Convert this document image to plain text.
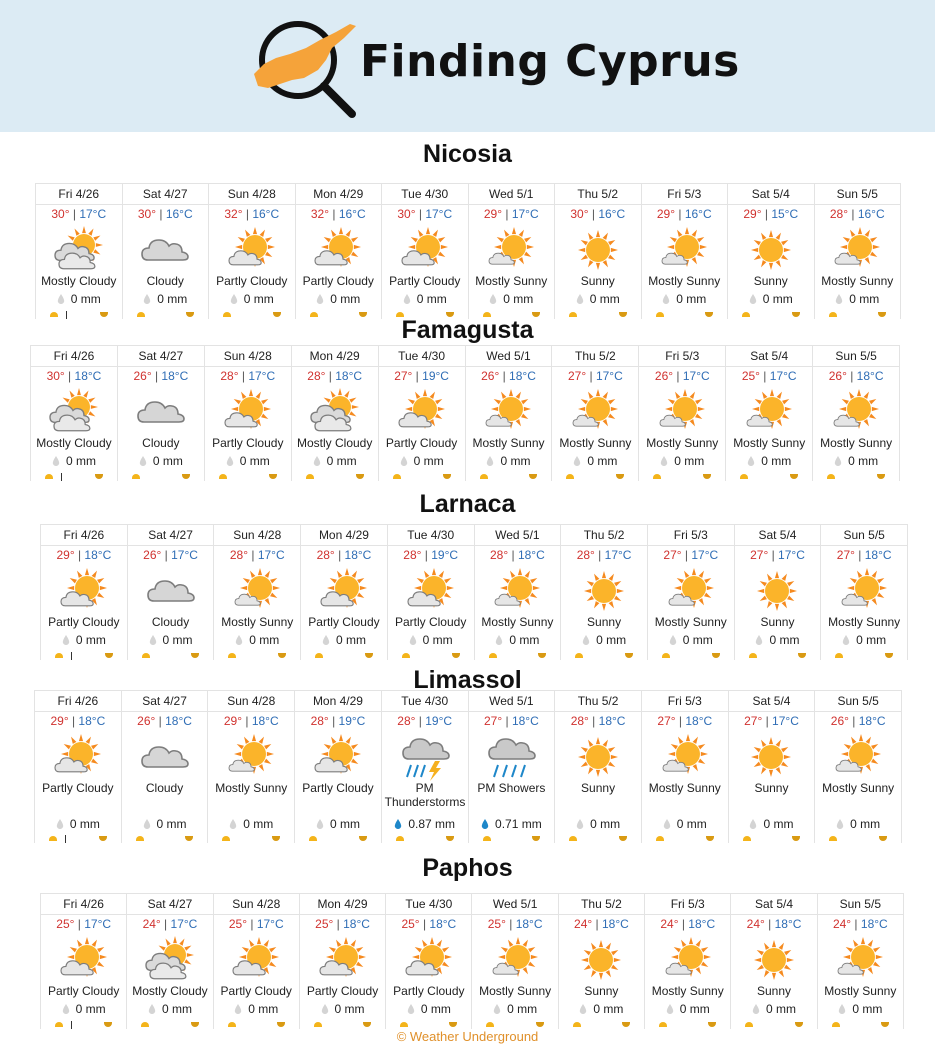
Finding Cyprus
Nicosia
Fri 4/26
30° | 17°C
Mostly Cloudy
0 mm
Sat 4/27
30° | 16°C
Cloudy
0 mm
Sun 4/28
32° | 16°C
Partly Cloudy
0 mm
Mon 4/29
32° | 16°C
Partly Cloudy
0 mm
Tue 4/30
30° | 17°C
Partly Cloudy
0 mm
Wed 5/1
29° | 17°C
Mostly Sunny
0 mm
Thu 5/2
30° | 16°C
Sunny
0 mm
Fri 5/3
29° | 16°C
Mostly Sunny
0 mm
Sat 5/4
29° | 15°C
Sunny
0 mm
Sun 5/5
28° | 16°C
Mostly Sunny
0 mm
Famagusta
Fri 4/26
30° | 18°C
Mostly Cloudy
0 mm
Sat 4/27
26° | 18°C
Cloudy
0 mm
Sun 4/28
28° | 17°C
Partly Cloudy
0 mm
Mon 4/29
28° | 18°C
Mostly Cloudy
0 mm
Tue 4/30
27° | 19°C
Partly Cloudy
0 mm
Wed 5/1
26° | 18°C
Mostly Sunny
0 mm
Thu 5/2
27° | 17°C
Mostly Sunny
0 mm
Fri 5/3
26° | 17°C
Mostly Sunny
0 mm
Sat 5/4
25° | 17°C
Mostly Sunny
0 mm
Sun 5/5
26° | 18°C
Mostly Sunny
0 mm
Larnaca
Fri 4/26
29° | 18°C
Partly Cloudy
0 mm
Sat 4/27
26° | 17°C
Cloudy
0 mm
Sun 4/28
28° | 17°C
Mostly Sunny
0 mm
Mon 4/29
28° | 18°C
Partly Cloudy
0 mm
Tue 4/30
28° | 19°C
Partly Cloudy
0 mm
Wed 5/1
28° | 18°C
Mostly Sunny
0 mm
Thu 5/2
28° | 17°C
Sunny
0 mm
Fri 5/3
27° | 17°C
Mostly Sunny
0 mm
Sat 5/4
27° | 17°C
Sunny
0 mm
Sun 5/5
27° | 18°C
Mostly Sunny
0 mm
Limassol
Fri 4/26
29° | 18°C
Partly Cloudy
0 mm
Sat 4/27
26° | 18°C
Cloudy
0 mm
Sun 4/28
29° | 18°C
Mostly Sunny
0 mm
Mon 4/29
28° | 19°C
Partly Cloudy
0 mm
Tue 4/30
28° | 19°C
PM Thunderstorms
0.87 mm
Wed 5/1
27° | 18°C
PM Showers
0.71 mm
Thu 5/2
28° | 18°C
Sunny
0 mm
Fri 5/3
27° | 18°C
Mostly Sunny
0 mm
Sat 5/4
27° | 17°C
Sunny
0 mm
Sun 5/5
26° | 18°C
Mostly Sunny
0 mm
Paphos
Fri 4/26
25° | 17°C
Partly Cloudy
0 mm
Sat 4/27
24° | 17°C
Mostly Cloudy
0 mm
Sun 4/28
25° | 17°C
Partly Cloudy
0 mm
Mon 4/29
25° | 18°C
Partly Cloudy
0 mm
Tue 4/30
25° | 18°C
Partly Cloudy
0 mm
Wed 5/1
25° | 18°C
Mostly Sunny
0 mm
Thu 5/2
24° | 18°C
Sunny
0 mm
Fri 5/3
24° | 18°C
Mostly Sunny
0 mm
Sat 5/4
24° | 18°C
Sunny
0 mm
Sun 5/5
24° | 18°C
Mostly Sunny
0 mm
© Weather Underground
